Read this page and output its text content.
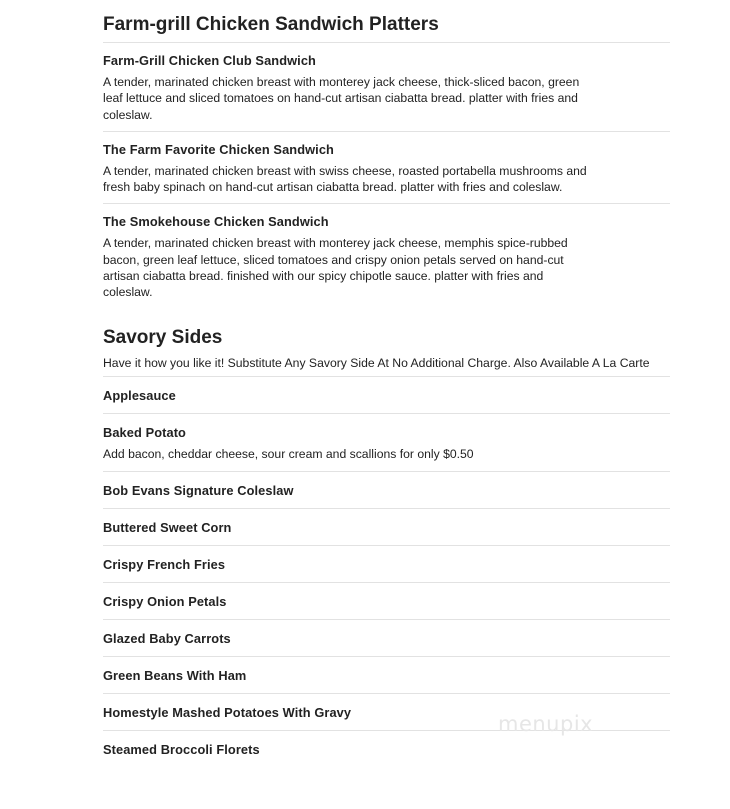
Farm-grill Chicken Sandwich Platters
Farm-Grill Chicken Club Sandwich
A tender, marinated chicken breast with monterey jack cheese, thick-sliced bacon, green leaf lettuce and sliced tomatoes on hand-cut artisan ciabatta bread. platter with fries and coleslaw.
The Farm Favorite Chicken Sandwich
A tender, marinated chicken breast with swiss cheese, roasted portabella mushrooms and fresh baby spinach on hand-cut artisan ciabatta bread. platter with fries and coleslaw.
The Smokehouse Chicken Sandwich
A tender, marinated chicken breast with monterey jack cheese, memphis spice-rubbed bacon, green leaf lettuce, sliced tomatoes and crispy onion petals served on hand-cut artisan ciabatta bread. finished with our spicy chipotle sauce. platter with fries and coleslaw.
Savory Sides
Have it how you like it! Substitute Any Savory Side At No Additional Charge. Also Available A La Carte
Applesauce
Baked Potato
Add bacon, cheddar cheese, sour cream and scallions for only $0.50
Bob Evans Signature Coleslaw
Buttered Sweet Corn
Crispy French Fries
Crispy Onion Petals
Glazed Baby Carrots
Green Beans With Ham
Homestyle Mashed Potatoes With Gravy
Steamed Broccoli Florets
menupix
